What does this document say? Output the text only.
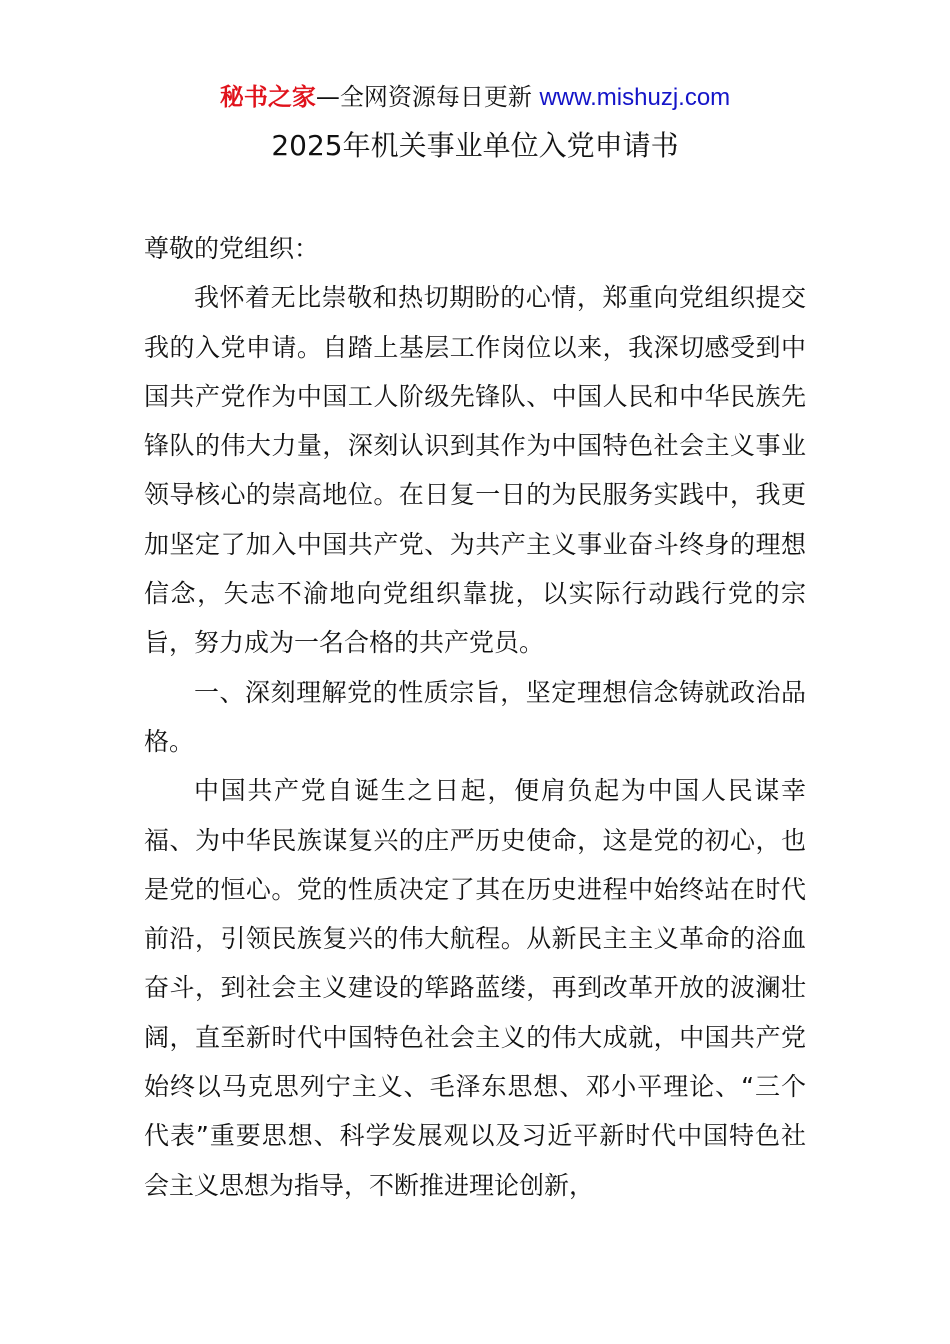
秘书之家—全网资源每日更新 www.mishuzj.com
2025年机关事业单位入党申请书

尊敬的党组织：

我怀着无比崇敬和热切期盼的心情，郑重向党组织提交我的入党申请。自踏上基层工作岗位以来，我深切感受到中国共产党作为中国工人阶级先锋队、中国人民和中华民族先锋队的伟大力量，深刻认识到其作为中国特色社会主义事业领导核心的崇高地位。在日复一日的为民服务实践中，我更加坚定了加入中国共产党、为共产主义事业奋斗终身的理想信念，矢志不渝地向党组织靠拢，以实际行动践行党的宗旨，努力成为一名合格的共产党员。

一、深刻理解党的性质宗旨，坚定理想信念铸就政治品格。

中国共产党自诞生之日起，便肩负起为中国人民谋幸福、为中华民族谋复兴的庄严历史使命，这是党的初心，也是党的恒心。党的性质决定了其在历史进程中始终站在时代前沿，引领民族复兴的伟大航程。从新民主主义革命的浴血奋斗，到社会主义建设的筚路蓝缕，再到改革开放的波澜壮阔，直至新时代中国特色社会主义的伟大成就，中国共产党始终以马克思列宁主义、毛泽东思想、邓小平理论、“三个代表”重要思想、科学发展观以及习近平新时代中国特色社会主义思想为指导，不断推进理论创新，
